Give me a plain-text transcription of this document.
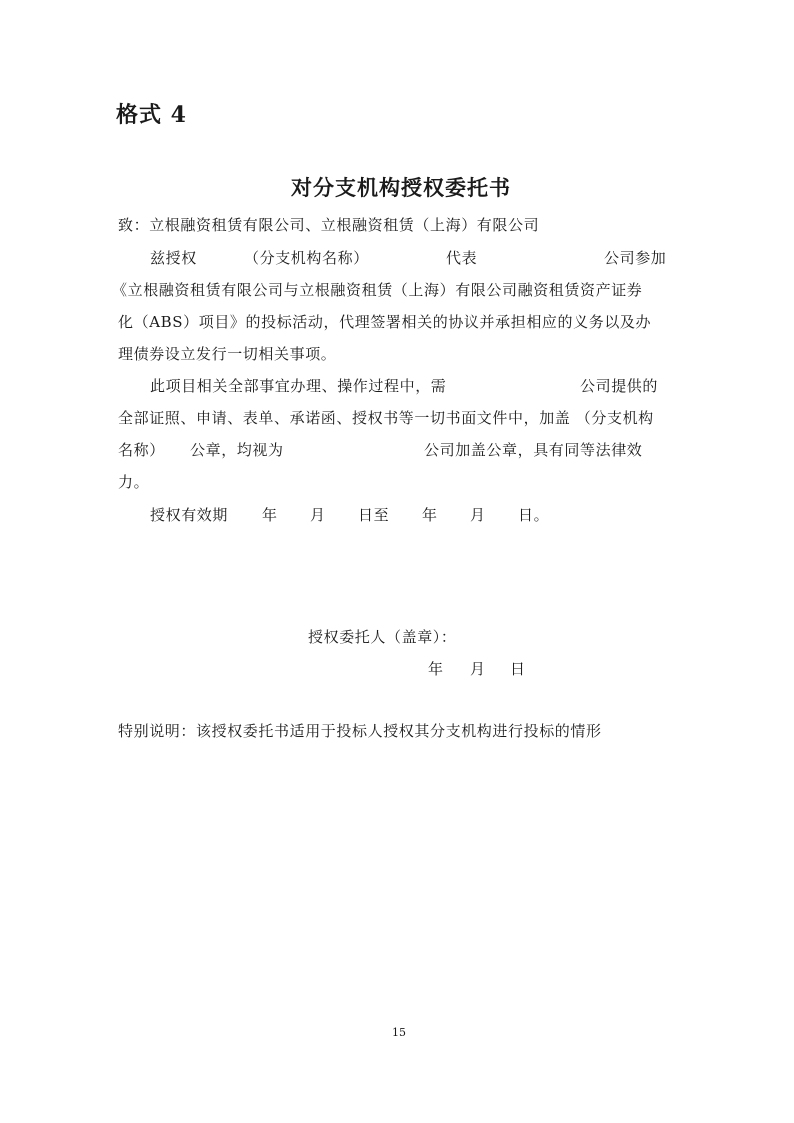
格式 4
对分支机构授权委托书
致：立根融资租赁有限公司、立根融资租赁（上海）有限公司
兹授权	（分支机构名称）	代表	公司参加
《立根融资租赁有限公司与立根融资租赁（上海）有限公司融资租赁资产证券
化（ABS）项目》的投标活动，代理签署相关的协议并承担相应的义务以及办
理债券设立发行一切相关事项。
此项目相关全部事宜办理、操作过程中，需	公司提供的
全部证照、申请、表单、承诺函、授权书等一切书面文件中，加盖 （分支机构
名称） 公章，均视为	公司加盖公章，具有同等法律效
力。
授权有效期 年 月 日至 年 月 日。
授权委托人（盖章）：
年 月 日
特别说明：该授权委托书适用于投标人授权其分支机构进行投标的情形
15
